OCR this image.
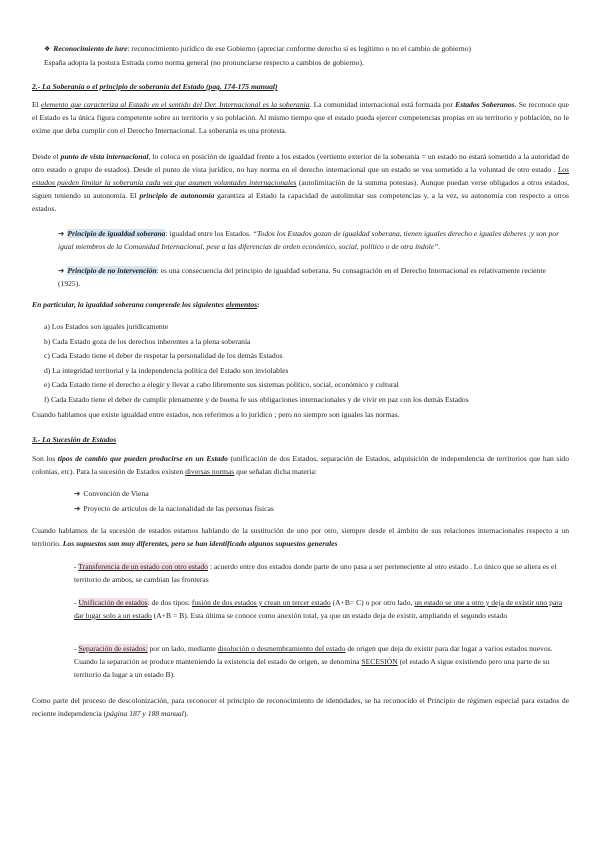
❖ Reconocimiento de iure: reconocimiento jurídico de ese Gobierno (apreciar conforme derecho si es legítimo o no el cambio de gobierno)

España adopta la postura Estrada como norma general (no pronunciarse respecto a cambios de gobierno).

2.- La Soberanía o el principio de soberanía del Estado (pag. 174-175 manual)

El elemento que caracteriza al Estado en el sentido del Der. Internacional es la soberanía. La comunidad internacional está formada por Estados Soberanos. Se reconoce que el Estado es la única figura competente sobre su territorio y su población. Al mismo tiempo que el estado pueda ejercer competencias propias en su territorio y población, no le exime que deba cumplir con el Derecho Internacional. La soberanía es una protesta.

Desde el punto de vista internacional, lo coloca en posición de igualdad frente a los estados (vertiente exterior de la soberanía = un estado no estará sometido a la autoridad de otro estado o grupo de estados). Desde el punto de vista jurídico, no hay norma en el derecho internacional que un estado se vea sometido a la voluntad de otro estado . Los estados pueden limitar la soberanía cada vez que asumen voluntades internacionales (autolimitación de la summa potestas). Aunque puedan verse obligados a otros estados, siguen teniendo su autonomía. El principio de autonomía garantiza al Estado la capacidad de autolimitar sus competencias y, a la vez, su autonomía con respecto a otros estados.

➔ Principio de igualdad soberana: igualdad entre los Estados. “Todos los Estados gozan de igualdad soberana, tienen iguales derecho e iguales deberes ;y son por igual miembros de la Comunidad Internacional, pese a las diferencias de orden económico, social, político o de otra índole”.

➔ Principio de no intervención: es una consecuencia del principio de igualdad soberana. Su consagración en el Derecho Internacional es relativamente reciente (1925).

En particular, la igualdad soberana comprende los siguientes elementos:

a) Los Estados son iguales jurídicamente
b) Cada Estado goza de los derechos inherentes a la plena soberanía
c) Cada Estado tiene el deber de respetar la personalidad de los demás Estados
d) La integridad territorial y la independencia política del Estado son inviolables
e) Cada Estado tiene el derecho a elegir y llevar a cabo libremente sus sistemas político, social, económico y cultural
f) Cada Estado tiene el deber de cumplir plenamente y de buena fe sus obligaciones internacionales y de vivir en paz con los demás Estados

Cuando hablamos que existe igualdad entre estados, nos referimos a lo jurídico ; pero no siempre son iguales las normas.

3.- La Sucesión de Estados

Son los tipos de cambio que pueden producirse en un Estado (unificación de dos Estados, separación de Estados, adquisición de independencia de territorios que han sido colonias, etc). Para la sucesión de Estados existen diversas normas que señalan dicha materia:

➔ Convención de Viena
➔ Proyecto de artículos de la nacionalidad de las personas físicas

Cuando hablamos de la sucesión de estados estamos hablando de la sustitución de uno por otro, siempre desde el ámbito de sus relaciones internacionales respecto a un territorio. Los supuestos son muy diferentes, pero se han identificado algunos supuestos generales

- Transferencia de un estado con otro estado : acuerdo entre dos estados donde parte de uno pasa a ser perteneciente al otro estado . Lo único que se altera es el territorio de ambos, se cambian las fronteras

- Unificación de estados: de dos tipos: fusión de dos estados y crean un tercer estado (A+B= C) o por otro lado, un estado se une a otro y deja de existir uno para dar lugar solo a un estado (A+B = B). Esta última se conoce como anexión total, ya que un estado deja de existir, ampliando el segundo estado

- Separación de estados: por un lado, mediante disolución o desmembramiento del estado de origen que deja de existir para dar lugar a varios estados nuevos. Cuando la separación se produce manteniendo la existencia del estado de origen, se denomina SECESIÓN (el estado A sigue existiendo pero una parte de su territorio da lugar a un estado B).

Como parte del proceso de descolonización, para reconocer el principio de reconocimiento de identidades, se ha reconocido el Principio de régimen especial para estados de reciente independencia (página 187 y 188 manual).
